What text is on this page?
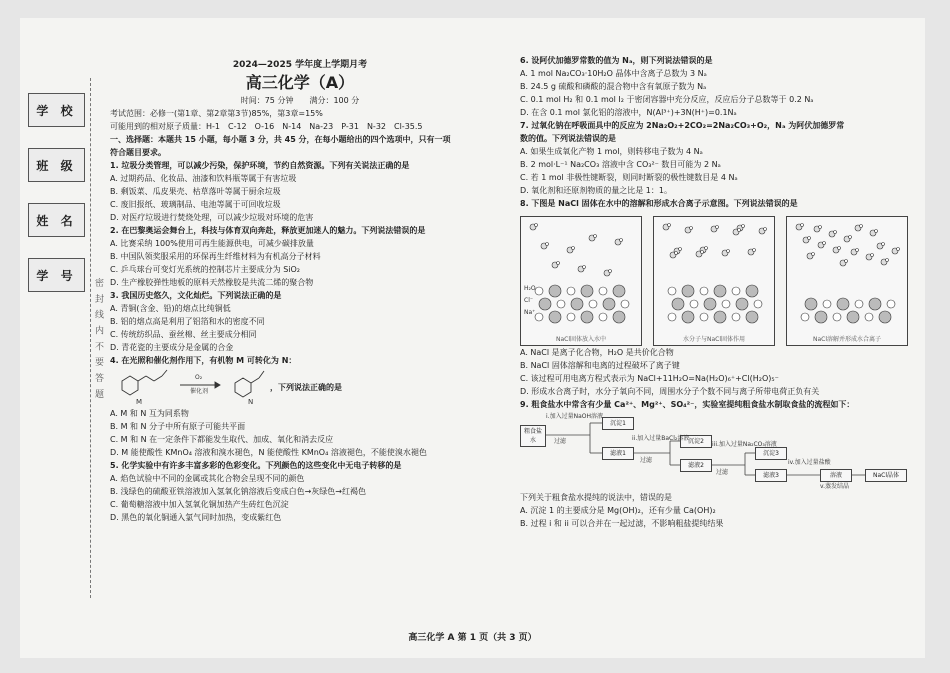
学 校
班 级
姓 名
学 号
密 封 线 内 不 要 答 题
2024—2025 学年度上学期月考
高三化学（A）
时间：75 分钟　　满分：100 分
考试范围：必修一(第1章、第2章第3节)85%，第3章=15%
可能用到的相对原子质量：H-1　C-12　O-16　N-14　Na-23　P-31　N-32　Cl-35.5
一、选择题：本题共 15 小题，每小题 3 分，共 45 分，在每小题给出的四个选项中，只有一项
符合题目要求。
1. 垃圾分类管理，可以减少污染，保护环境，节约自然资源。下列有关说法正确的是
A. 过期药品、化妆品、油漆和饮料瓶等属于有害垃圾
B. 剩饭菜、瓜皮果壳、枯草落叶等属于厨余垃圾
C. 废旧报纸、玻璃制品、电池等属于可回收垃圾
D. 对医疗垃圾进行焚烧处理，可以减少垃圾对环境的危害
2. 在巴黎奥运会舞台上，科技与体育双向奔赴，释放更加迷人的魅力。下列说法错误的是
A. 比赛采纳 100%使用可再生能源供电，可减少碳排放量
B. 中国队领奖服采用的环保再生纤维材料为有机高分子材料
C. 乒乓球台可变灯光系统的控制芯片主要成分为 SiO₂
D. 生产橡胶弹性地板的原料天然橡胶是共流二烯的聚合物
3. 我国历史悠久，文化灿烂。下列说法正确的是
A. 青铜(含金、铅)的熔点比纯铜低
B. 铝的熔点高是利用了铝箔和水的密度不同
C. 传统纺织品、蚕丝棉、丝主要成分相同
D. 青花瓷的主要成分是金属的合金
4. 在光照和催化剂作用下，有机物 M 可转化为 N：
M	N
O₂
催化剂	，下列说法正确的是
A. M 和 N 互为同系物
B. M 和 N 分子中所有原子可能共平面
C. M 和 N 在一定条件下都能发生取代、加成、氧化和消去反应
D. M 能使酸性 KMnO₄ 溶液和溴水褪色，N 能使酸性 KMnO₄ 溶液褪色，不能使溴水褪色
5. 化学实验中有许多丰富多彩的色彩变化。下列颜色的这些变化中无电子转移的是
A. 焰色试验中不同的金属或其化合物会呈现不同的颜色
B. 浅绿色的硫酸亚铁溶液加入氢氧化钠溶液后变成白色→灰绿色→红褐色
C. 葡萄糖溶液中加入氢氧化铜加热产生砖红色沉淀
D. 黑色的氧化铜通入氯气同时加热，变成紫红色
6. 设阿伏加德罗常数的值为 Nₐ，则下列说法错误的是
A. 1 mol Na₂CO₃·10H₂O 晶体中含离子总数为 3 Nₐ
B. 24.5 g 硫酸和磷酸的混合物中含有氧原子数为 Nₐ
C. 0.1 mol H₂ 和 0.1 mol I₂ 于密闭容器中充分反应，反应后分子总数等于 0.2 Nₐ
D. 在含 0.1 mol 氯化铝的溶液中，N(Al³⁺)+3N(H⁺)=0.1Nₐ
7. 过氧化钠在呼吸面具中的反应为 2Na₂O₂+2CO₂=2Na₂CO₃+O₂，Nₐ 为阿伏加德罗常
数的值。下列说法错误的是
A. 如果生成氧化产物 1 mol，则转移电子数为 4 Nₐ
B. 2 mol·L⁻¹ Na₂CO₃ 溶液中含 CO₃²⁻ 数目可能为 2 Nₐ
C. 若 1 mol 非极性键断裂，则同时断裂的极性键数目是 4 Nₐ
D. 氧化剂和还原剂物质的量之比是 1：1。
8. 下图是 NaCl 固体在水中的溶解和形成水合离子示意图。下列说法错误的是
H₂O
Cl⁻
Na⁺
NaCl固体放入水中	水分子与NaCl固体作用	NaCl溶解并形成水合离子
A. NaCl 是离子化合物，H₂O 是共价化合物
B. NaCl 固体溶解和电离的过程破坏了离子键
C. 该过程可用电离方程式表示为 NaCl+11H₂O=Na(H₂O)₆⁺+Cl(H₂O)₅⁻
D. 形成水合离子时，水分子氧向不同，周围水分子个数不同与离子所带电荷正负有关
9. 粗食盐水中常含有少量 Ca²⁺、Mg²⁺、SO₄²⁻，实验室提纯粗食盐水制取食盐的流程如下：
粗食盐水
沉淀1
滤液1
沉淀2
滤液2
沉淀3
滤液3	溶液	NaCl晶体
i.加入过量NaOH溶液
过滤	ii.加入过量BaCl₂溶液
过滤
iii.加入过量Na₂CO₃溶液
过滤
iv.加入过量盐酸
v.蒸发结晶
下列关于粗食盐水提纯的说法中，错误的是
A. 沉淀 1 的主要成分是 Mg(OH)₂，还有少量 Ca(OH)₂
B. 过程 i 和 ii 可以合并在一起过滤，不影响粗盐提纯结果
高三化学 A 第 1 页（共 3 页）
